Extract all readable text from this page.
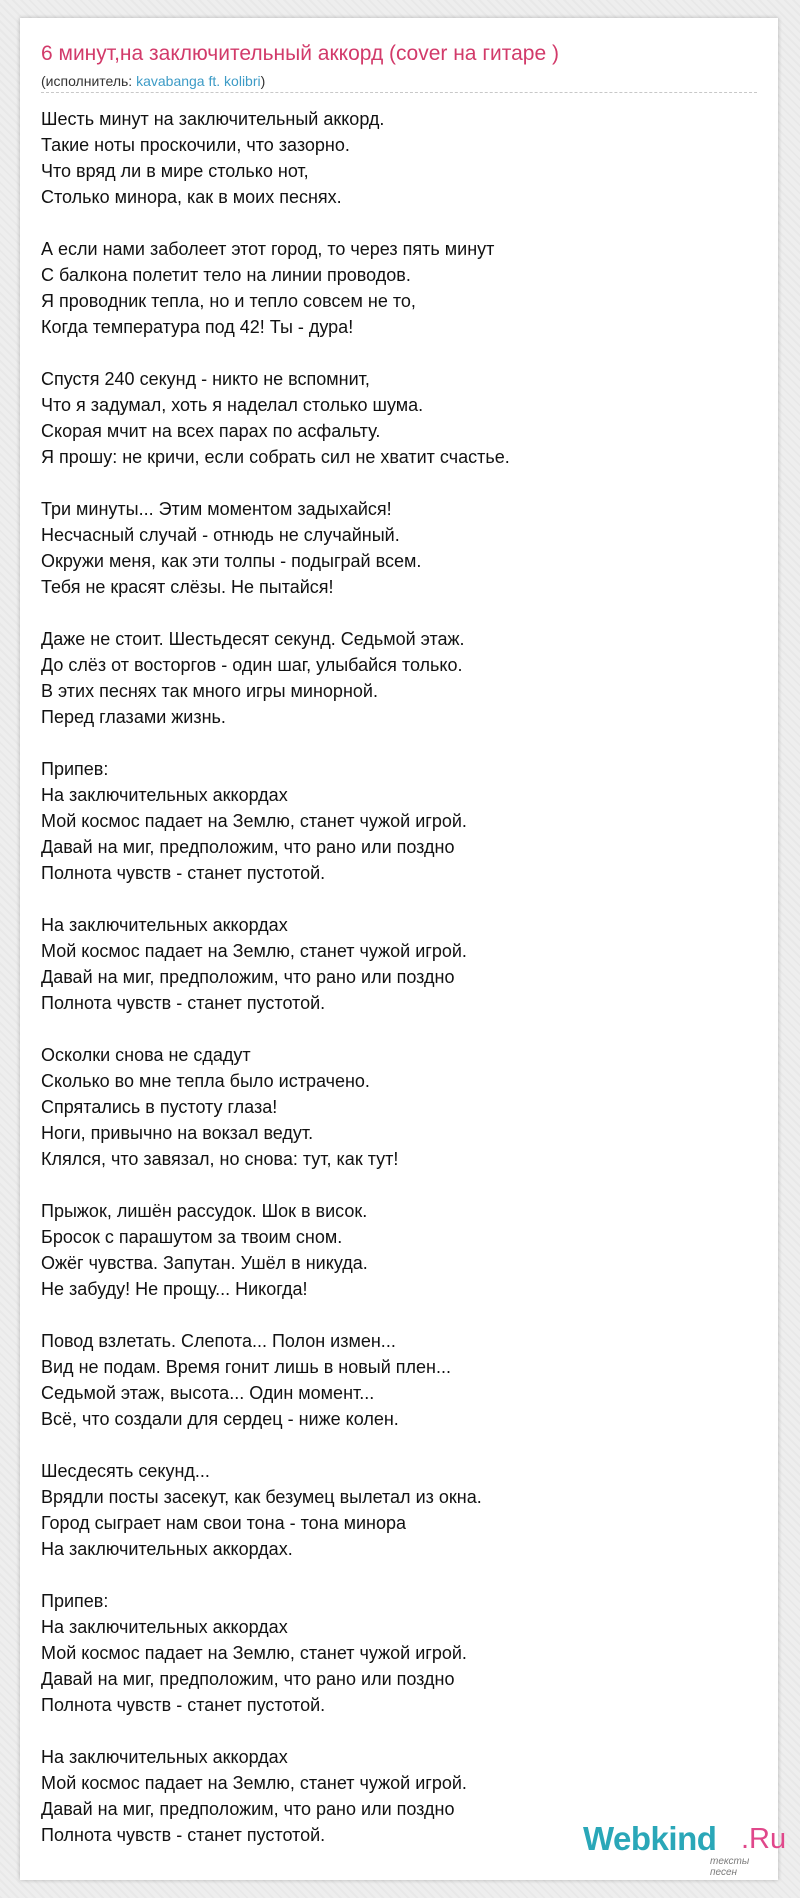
6 минут,на заключительный аккорд (cover на гитаре )
(исполнитель: kavabanga ft. kolibri)
Шесть минут на заключительный аккорд.
Такие ноты проскочили, что зазорно.
Что вряд ли в мире столько нот,
Столько минора, как в моих песнях.
А если нами заболеет этот город, то через пять минут
С балкона полетит тело на линии проводов.
Я проводник тепла, но и тепло совсем не то,
Когда температура под 42! Ты - дура!
Спустя 240 секунд - никто не вспомнит,
Что я задумал, хоть я наделал столько шума.
Скорая мчит на всех парах по асфальту.
Я прошу: не кричи, если собрать сил не хватит счастье.
Три минуты... Этим моментом задыхайся!
Несчасный случай - отнюдь не случайный.
Окружи меня, как эти толпы - подыграй всем.
Тебя не красят слёзы. Не пытайся!
Даже не стоит. Шестьдесят секунд. Седьмой этаж.
До слёз от восторгов - один шаг, улыбайся только.
В этих песнях так много игры минорной.
Перед глазами жизнь.
Припев:
На заключительных аккордах
Мой космос падает на Землю, станет чужой игрой.
Давай на миг, предположим, что рано или поздно
Полнота чувств - станет пустотой.
На заключительных аккордах
Мой космос падает на Землю, станет чужой игрой.
Давай на миг, предположим, что рано или поздно
Полнота чувств - станет пустотой.
Осколки снова не сдадут
Сколько во мне тепла было истрачено.
Спрятались в пустоту глаза!
Ноги, привычно на вокзал ведут.
Клялся, что завязал, но снова: тут, как тут!
Прыжок, лишён рассудок. Шок в висок.
Бросок с парашутом за твоим сном.
Ожёг чувства. Запутан. Ушёл в никуда.
Не забуду! Не прощу... Никогда!
Повод взлетать. Слепота... Полон измен...
Вид не подам. Время гонит лишь в новый плен...
Седьмой этаж, высота... Один момент...
Всё, что создали для сердец - ниже колен.
Шесдесять секунд...
Врядли посты засекут, как безумец вылетал из окна.
Город сыграет нам свои тона - тона минора
На заключительных аккордах.
Припев:
На заключительных аккордах
Мой космос падает на Землю, станет чужой игрой.
Давай на миг, предположим, что рано или поздно
Полнота чувств - станет пустотой.
На заключительных аккордах
Мой космос падает на Землю, станет чужой игрой.
Давай на миг, предположим, что рано или поздно
Полнота чувств - станет пустотой.	Webkind .Ru
тексты песен
